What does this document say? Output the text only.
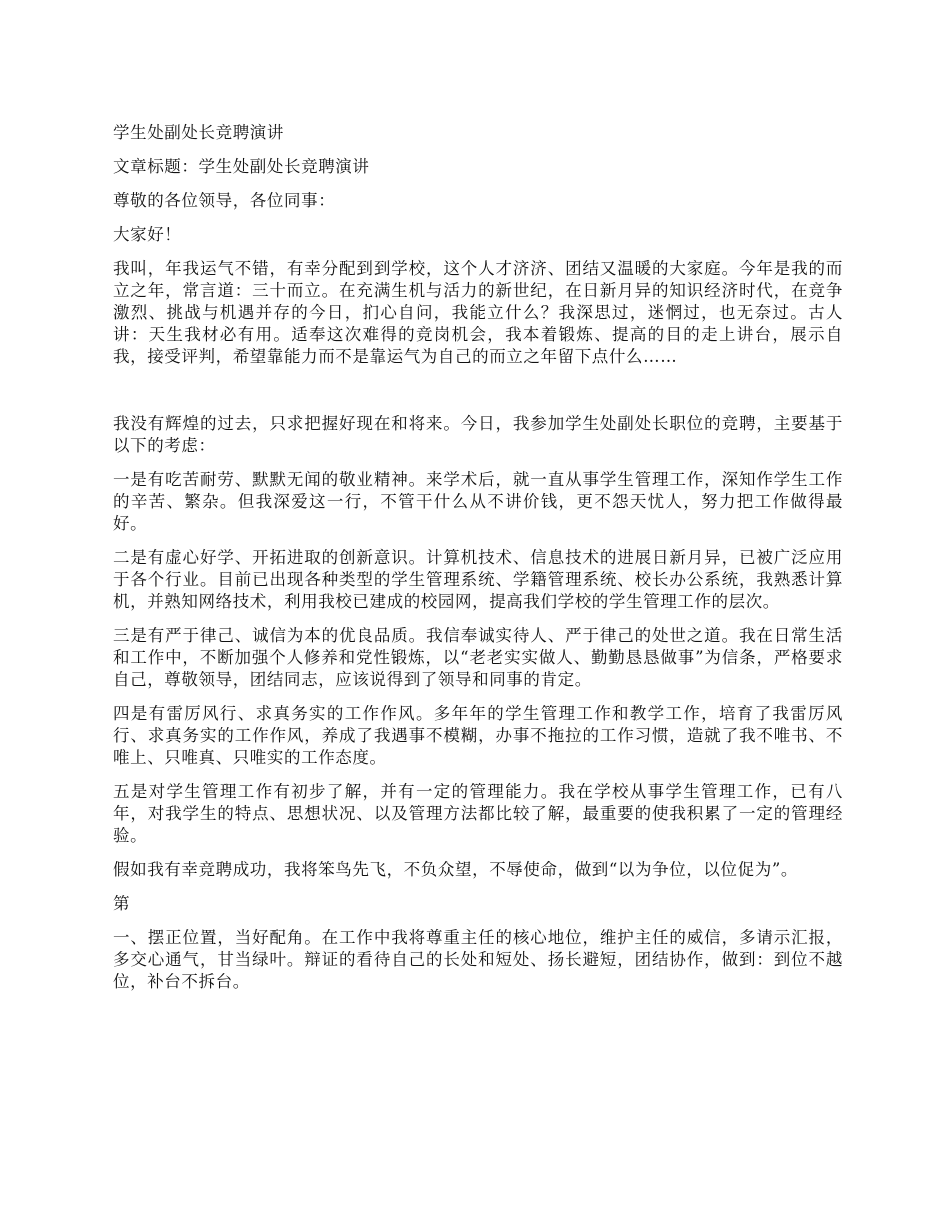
学生处副处长竞聘演讲

文章标题：学生处副处长竞聘演讲

尊敬的各位领导，各位同事：

大家好！

我叫，年我运气不错，有幸分配到到学校，这个人才济济、团结又温暖的大家庭。今年是我的而立之年，常言道：三十而立。在充满生机与活力的新世纪，在日新月异的知识经济时代，在竞争激烈、挑战与机遇并存的今日，扪心自问，我能立什么？我深思过，迷惘过，也无奈过。古人讲：天生我材必有用。适奉这次难得的竞岗机会，我本着锻炼、提高的目的走上讲台，展示自我，接受评判，希望靠能力而不是靠运气为自己的而立之年留下点什么……

我没有辉煌的过去，只求把握好现在和将来。今日，我参加学生处副处长职位的竞聘，主要基于以下的考虑：

一是有吃苦耐劳、默默无闻的敬业精神。来学术后，就一直从事学生管理工作，深知作学生工作的辛苦、繁杂。但我深爱这一行，不管干什么从不讲价钱，更不怨天忧人，努力把工作做得最好。

二是有虚心好学、开拓进取的创新意识。计算机技术、信息技术的进展日新月异，已被广泛应用于各个行业。目前已出现各种类型的学生管理系统、学籍管理系统、校长办公系统，我熟悉计算机，并熟知网络技术，利用我校已建成的校园网，提高我们学校的学生管理工作的层次。

三是有严于律己、诚信为本的优良品质。我信奉诚实待人、严于律己的处世之道。我在日常生活和工作中，不断加强个人修养和党性锻炼，以“老老实实做人、勤勤恳恳做事”为信条，严格要求自己，尊敬领导，团结同志，应该说得到了领导和同事的肯定。

四是有雷厉风行、求真务实的工作作风。多年年的学生管理工作和教学工作，培育了我雷厉风行、求真务实的工作作风，养成了我遇事不模糊，办事不拖拉的工作习惯，造就了我不唯书、不唯上、只唯真、只唯实的工作态度。

五是对学生管理工作有初步了解，并有一定的管理能力。我在学校从事学生管理工作，已有八年，对我学生的特点、思想状况、以及管理方法都比较了解，最重要的使我积累了一定的管理经验。

假如我有幸竞聘成功，我将笨鸟先飞，不负众望，不辱使命，做到“以为争位，以位促为”。

第

一、摆正位置，当好配角。在工作中我将尊重主任的核心地位，维护主任的威信，多请示汇报，多交心通气，甘当绿叶。辩证的看待自己的长处和短处、扬长避短，团结协作，做到：到位不越位，补台不拆台。
